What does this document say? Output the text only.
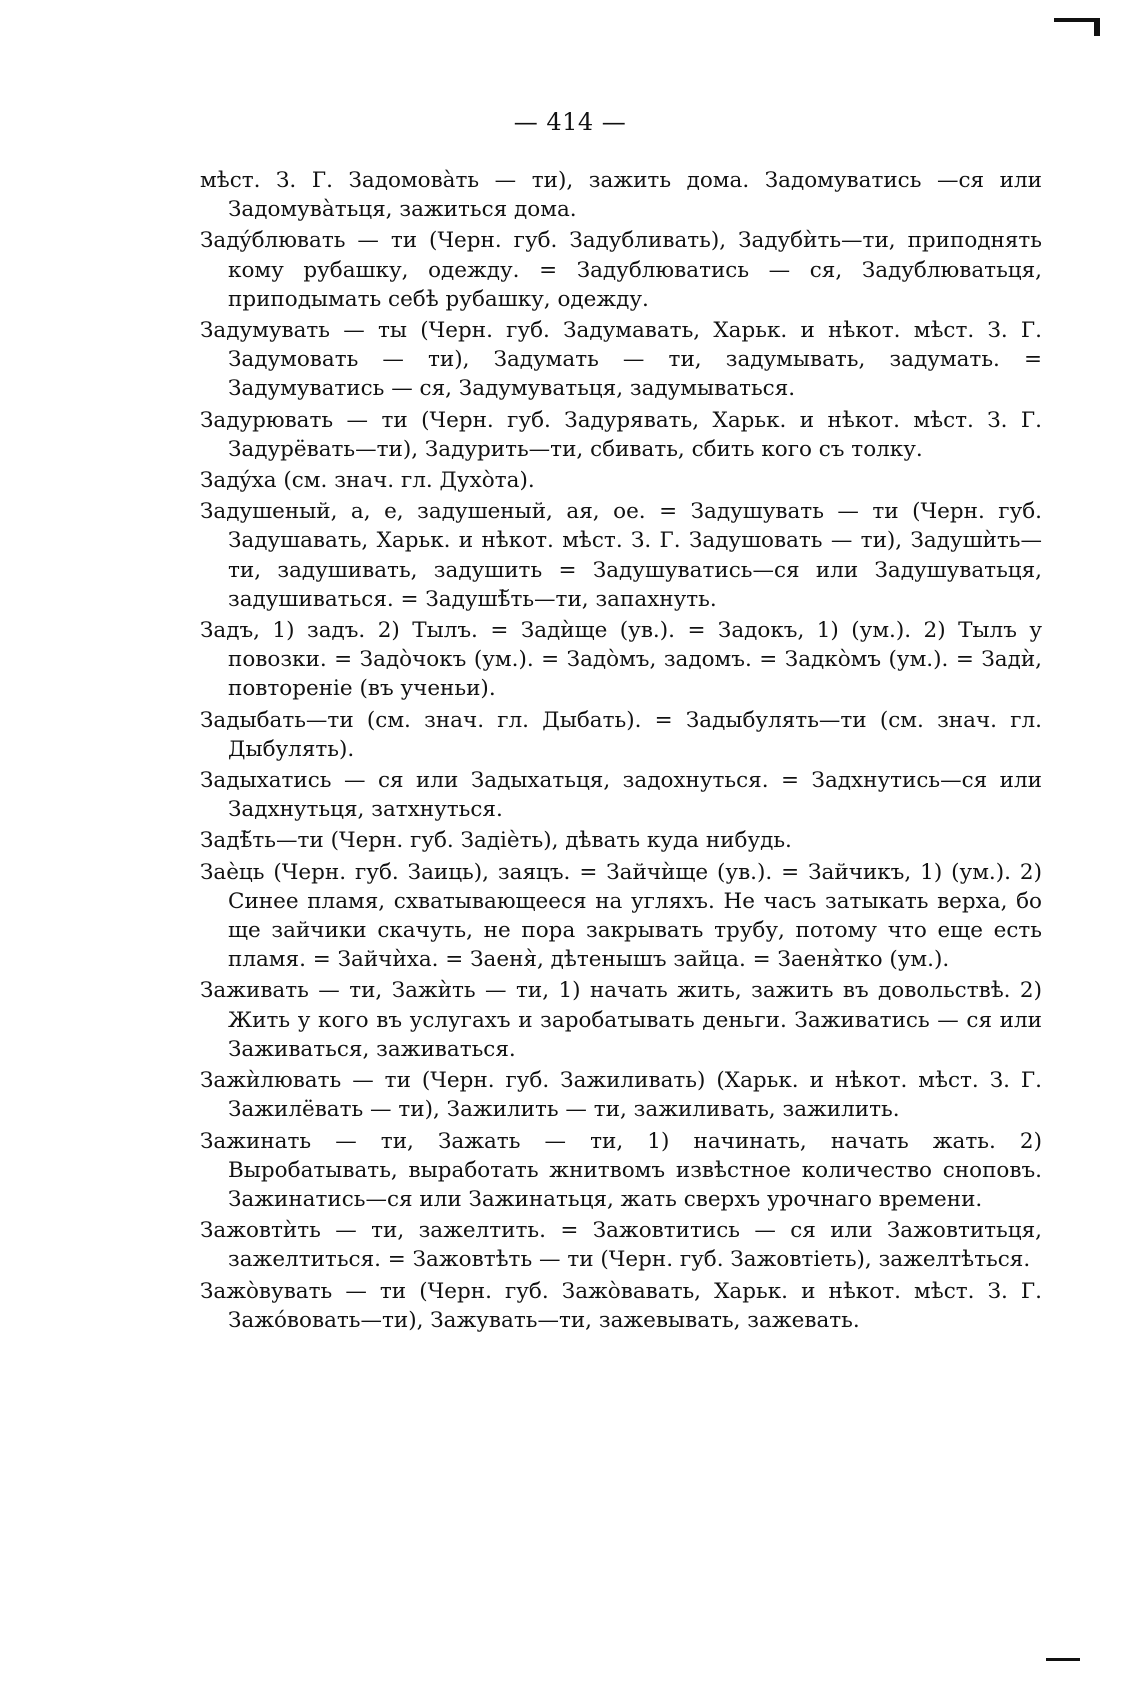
— 414 —

мѣст. З. Г. Задомовàть — ти), зажить дома. Задомуватись —ся или Задомувàтьця, зажиться дома.

Задýблювать — ти (Черн. губ. Задубливать), Задубѝть—ти, приподнять кому рубашку, одежду. = Задублюватись — ся, Задублюватьця, приподымать себѣ рубашку, одежду.

Задумувать — ты (Черн. губ. Задумавать, Харьк. и нѣкот. мѣст. З. Г. Задумовать — ти), Задумать — ти, задумывать, задумать. = Задумуватись — ся, Задумуватьця, задумываться.

Задурювать — ти (Черн. губ. Задурявать, Харьк. и нѣкот. мѣст. З. Г. Задурёвать—ти), Задурить—ти, сбивать, сбить кого съ толку.

Задýха (см. знач. гл. Духòта).

Задушеный, а, е, задушеный, ая, ое. = Задушувать — ти (Черн. губ. Задушавать, Харьк. и нѣкот. мѣст. З. Г. Задушовать — ти), Задушѝть—ти, задушивать, задушить = Задушуватись—ся или Задушуватьця, задушиваться. = Задушѣ̆ть—ти, запахнуть.

Задъ, 1) задъ. 2) Тылъ. = Задѝще (ув.). = Задокъ, 1) (ум.). 2) Тылъ у повозки. = Задòчокъ (ум.). = Задòмъ, задомъ. = Задкòмъ (ум.). = Задѝ, повтореніе (въ ученьи).

Задыбать—ти (см. знач. гл. Дыбать). = Задыбулять—ти (см. знач. гл. Дыбулять).

Задыхатись — ся или Задыхатьця, задохнуться. = Задхнутись—ся или Задхнутьця, затхнуться.

Задѣ̆ть—ти (Черн. губ. Задіѐть), дѣвать куда нибудь.

Заѐць (Черн. губ. Заиць), заяцъ. = Зайчѝще (ув.). = Зайчикъ, 1) (ум.). 2) Синее пламя, схватывающееся на угляхъ. Не часъ затыкать верха, бо ще зайчики скачуть, не пора закрывать трубу, потому что еще есть пламя. = Зайчѝха. = Заеня̀, дѣтенышъ зайца. = Заеня̀тко (ум.).

Заживать — ти, Зажѝть — ти, 1) начать жить, зажить въ довольствѣ. 2) Жить у кого въ услугахъ и заробатывать деньги. Заживатись — ся или Заживаться, заживаться.

Зажѝлювать — ти (Черн. губ. Зажиливать) (Харьк. и нѣкот. мѣст. З. Г. Зажилёвать — ти), Зажилить — ти, зажиливать, зажилить.

Зажинать — ти, Зажать — ти, 1) начинать, начать жать. 2) Выробатывать, выработать жнитвомъ извѣстное количество сноповъ. Зажинатись—ся или Зажинатьця, жать сверхъ урочнаго времени.

Зажовтѝть — ти, зажелтить. = Зажовтитись — ся или Зажовтитьця, зажелтиться. = Зажовтѣть — ти (Черн. губ. Зажовтіеть), зажелтѣться.

Зажòвувать — ти (Черн. губ. Зажòвавать, Харьк. и нѣкот. мѣст. З. Г. Зажóвовать—ти), Зажувать—ти, зажевывать, зажевать.
